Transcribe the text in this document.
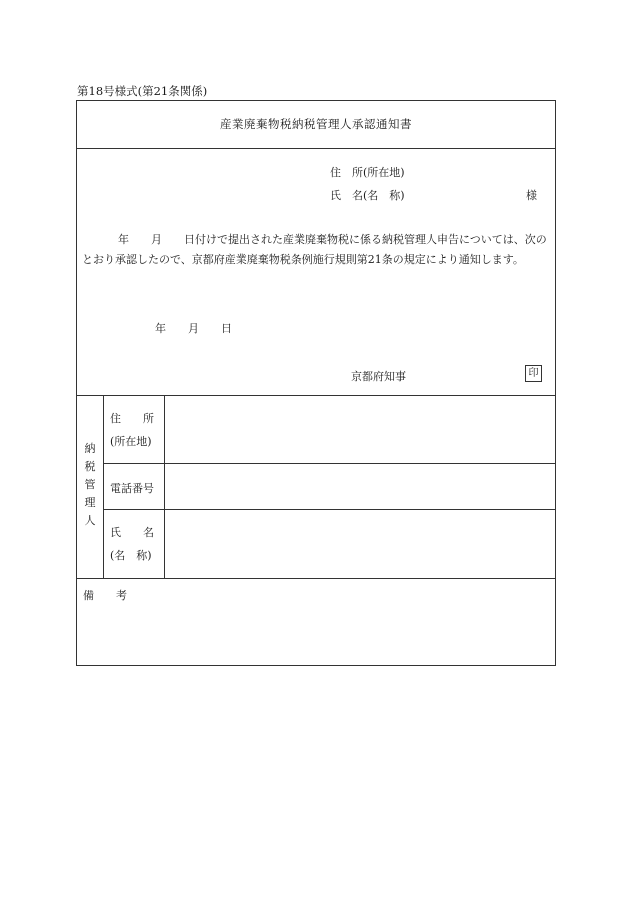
第18号様式(第21条関係)
産業廃棄物税納税管理人承認通知書
住　所(所在地)
氏　名(名　称)	様
年　　月　　日付けで提出された産業廃棄物税に係る納税管理人申告については、次のとおり承認したので、京都府産業廃棄物税条例施行規則第21条の規定により通知します。
年　　月　　日
京都府知事	印
納税管理人
住　　所
(所在地)
電話番号
氏　　名
(名　称)
備　　考
